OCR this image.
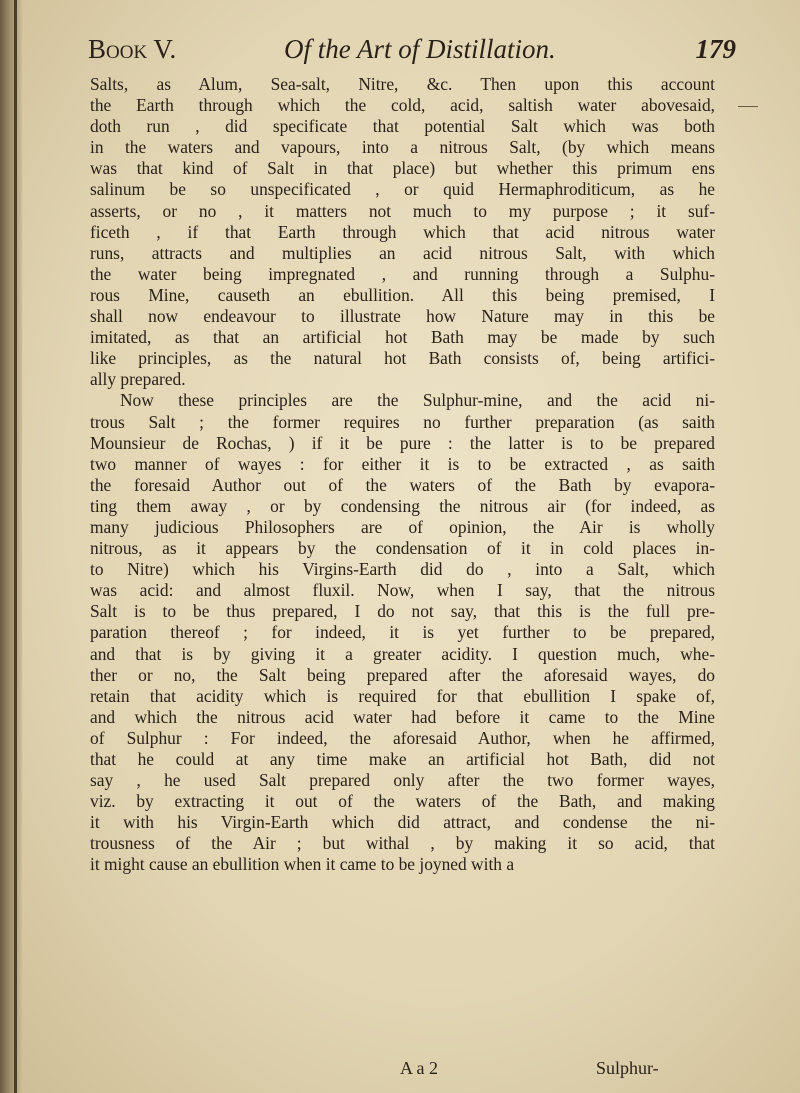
Book V.	Of the Art of Distillation.	179
Salts, as Alum, Sea-salt, Nitre, &c. Then upon this account
the Earth through which the cold, acid, saltish water abovesaid,
doth run , did specificate that potential Salt which was both
in the waters and vapours, into a nitrous Salt, (by which means
was that kind of Salt in that place) but whether this primum ens
salinum be so unspecificated , or quid Hermaphroditicum, as he
asserts, or no , it matters not much to my purpose ; it suf-
ficeth , if that Earth through which that acid nitrous water
runs, attracts and multiplies an acid nitrous Salt, with which
the water being impregnated , and running through a Sulphu-
rous Mine, causeth an ebullition. All this being premised, I
shall now endeavour to illustrate how Nature may in this be
imitated, as that an artificial hot Bath may be made by such
like principles, as the natural hot Bath consists of, being artifici-
ally prepared.
Now these principles are the Sulphur-mine, and the acid ni-
trous Salt ; the former requires no further preparation (as saith
Mounsieur de Rochas, ) if it be pure : the latter is to be prepared
two manner of wayes : for either it is to be extracted , as saith
the foresaid Author out of the waters of the Bath by evapora-
ting them away , or by condensing the nitrous air (for indeed, as
many judicious Philosophers are of opinion, the Air is wholly
nitrous, as it appears by the condensation of it in cold places in-
to Nitre) which his Virgins-Earth did do , into a Salt, which
was acid: and almost fluxil. Now, when I say, that the nitrous
Salt is to be thus prepared, I do not say, that this is the full pre-
paration thereof ; for indeed, it is yet further to be prepared,
and that is by giving it a greater acidity. I question much, whe-
ther or no, the Salt being prepared after the aforesaid wayes, do
retain that acidity which is required for that ebullition I spake of,
and which the nitrous acid water had before it came to the Mine
of Sulphur : For indeed, the aforesaid Author, when he affirmed,
that he could at any time make an artificial hot Bath, did not
say , he used Salt prepared only after the two former wayes,
viz. by extracting it out of the waters of the Bath, and making
it with his Virgin-Earth which did attract, and condense the ni-
trousness of the Air ; but withal , by making it so acid, that
it might cause an ebullition when it came to be joyned with a
A a 2	Sulphur-
